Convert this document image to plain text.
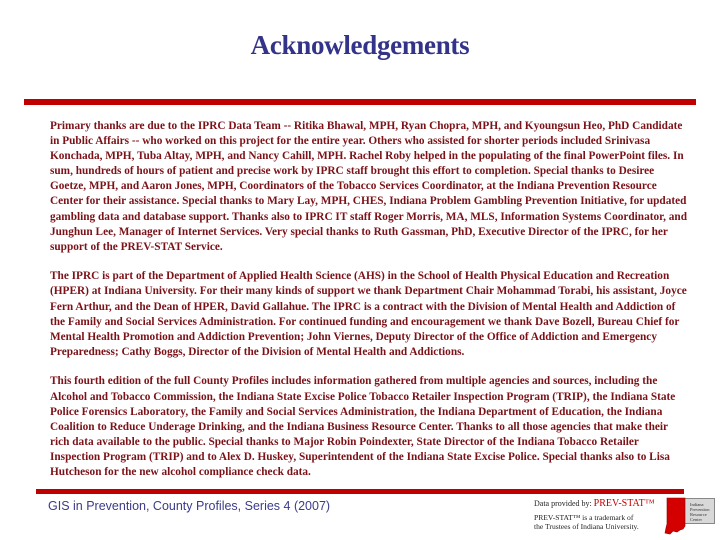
Acknowledgements

Primary thanks are due to the IPRC Data Team -- Ritika Bhawal, MPH, Ryan Chopra, MPH, and Kyoungsun Heo, PhD Candidate in Public Affairs -- who worked on this project for the entire year. Others who assisted for shorter periods included Srinivasa Konchada, MPH, Tuba Altay, MPH, and Nancy Cahill, MPH. Rachel Roby helped in the populating of the final PowerPoint files. In sum, hundreds of hours of patient and precise work by IPRC staff brought this effort to completion. Special thanks to Desiree Goetze, MPH, and Aaron Jones, MPH, Coordinators of the Tobacco Services Coordinator, at the Indiana Prevention Resource Center for their assistance. Special thanks to Mary Lay, MPH, CHES, Indiana Problem Gambling Prevention Initiative, for updated gambling data and database support. Thanks also to IPRC IT staff Roger Morris, MA, MLS, Information Systems Coordinator, and Junghun Lee, Manager of Internet Services. Very special thanks to Ruth Gassman, PhD, Executive Director of the IPRC, for her support of the PREV-STAT Service.

The IPRC is part of the Department of Applied Health Science (AHS) in the School of Health Physical Education and Recreation (HPER) at Indiana University. For their many kinds of support we thank Department Chair Mohammad Torabi, his assistant, Joyce Fern Arthur, and the Dean of HPER, David Gallahue. The IPRC is a contract with the Division of Mental Health and Addiction of the Family and Social Services Administration. For continued funding and encouragement we thank Dave Bozell, Bureau Chief for Mental Health Promotion and Addiction Prevention; John Viernes, Deputy Director of the Office of Addiction and Emergency Preparedness; Cathy Boggs, Director of the Division of Mental Health and Addictions.

This fourth edition of the full County Profiles includes information gathered from multiple agencies and sources, including the Alcohol and Tobacco Commission, the Indiana State Excise Police Tobacco Retailer Inspection Program (TRIP), the Indiana State Police Forensics Laboratory, the Family and Social Services Administration, the Indiana Department of Education, the Indiana Coalition to Reduce Underage Drinking, and the Indiana Business Resource Center. Thanks to all those agencies that make their rich data available to the public. Special thanks to Major Robin Poindexter, State Director of the Indiana Tobacco Retailer Inspection Program (TRIP) and to Alex D. Huskey, Superintendent of the Indiana State Excise Police. Special thanks also to Lisa Hutcheson for the new alcohol compliance check data.

GIS in Prevention, County Profiles, Series 4 (2007)	Data provided by: PREV-STAT™
PREV-STAT™ is a trademark of
the Trustees of Indiana University.
Indiana
Prevention
Resource
Center
